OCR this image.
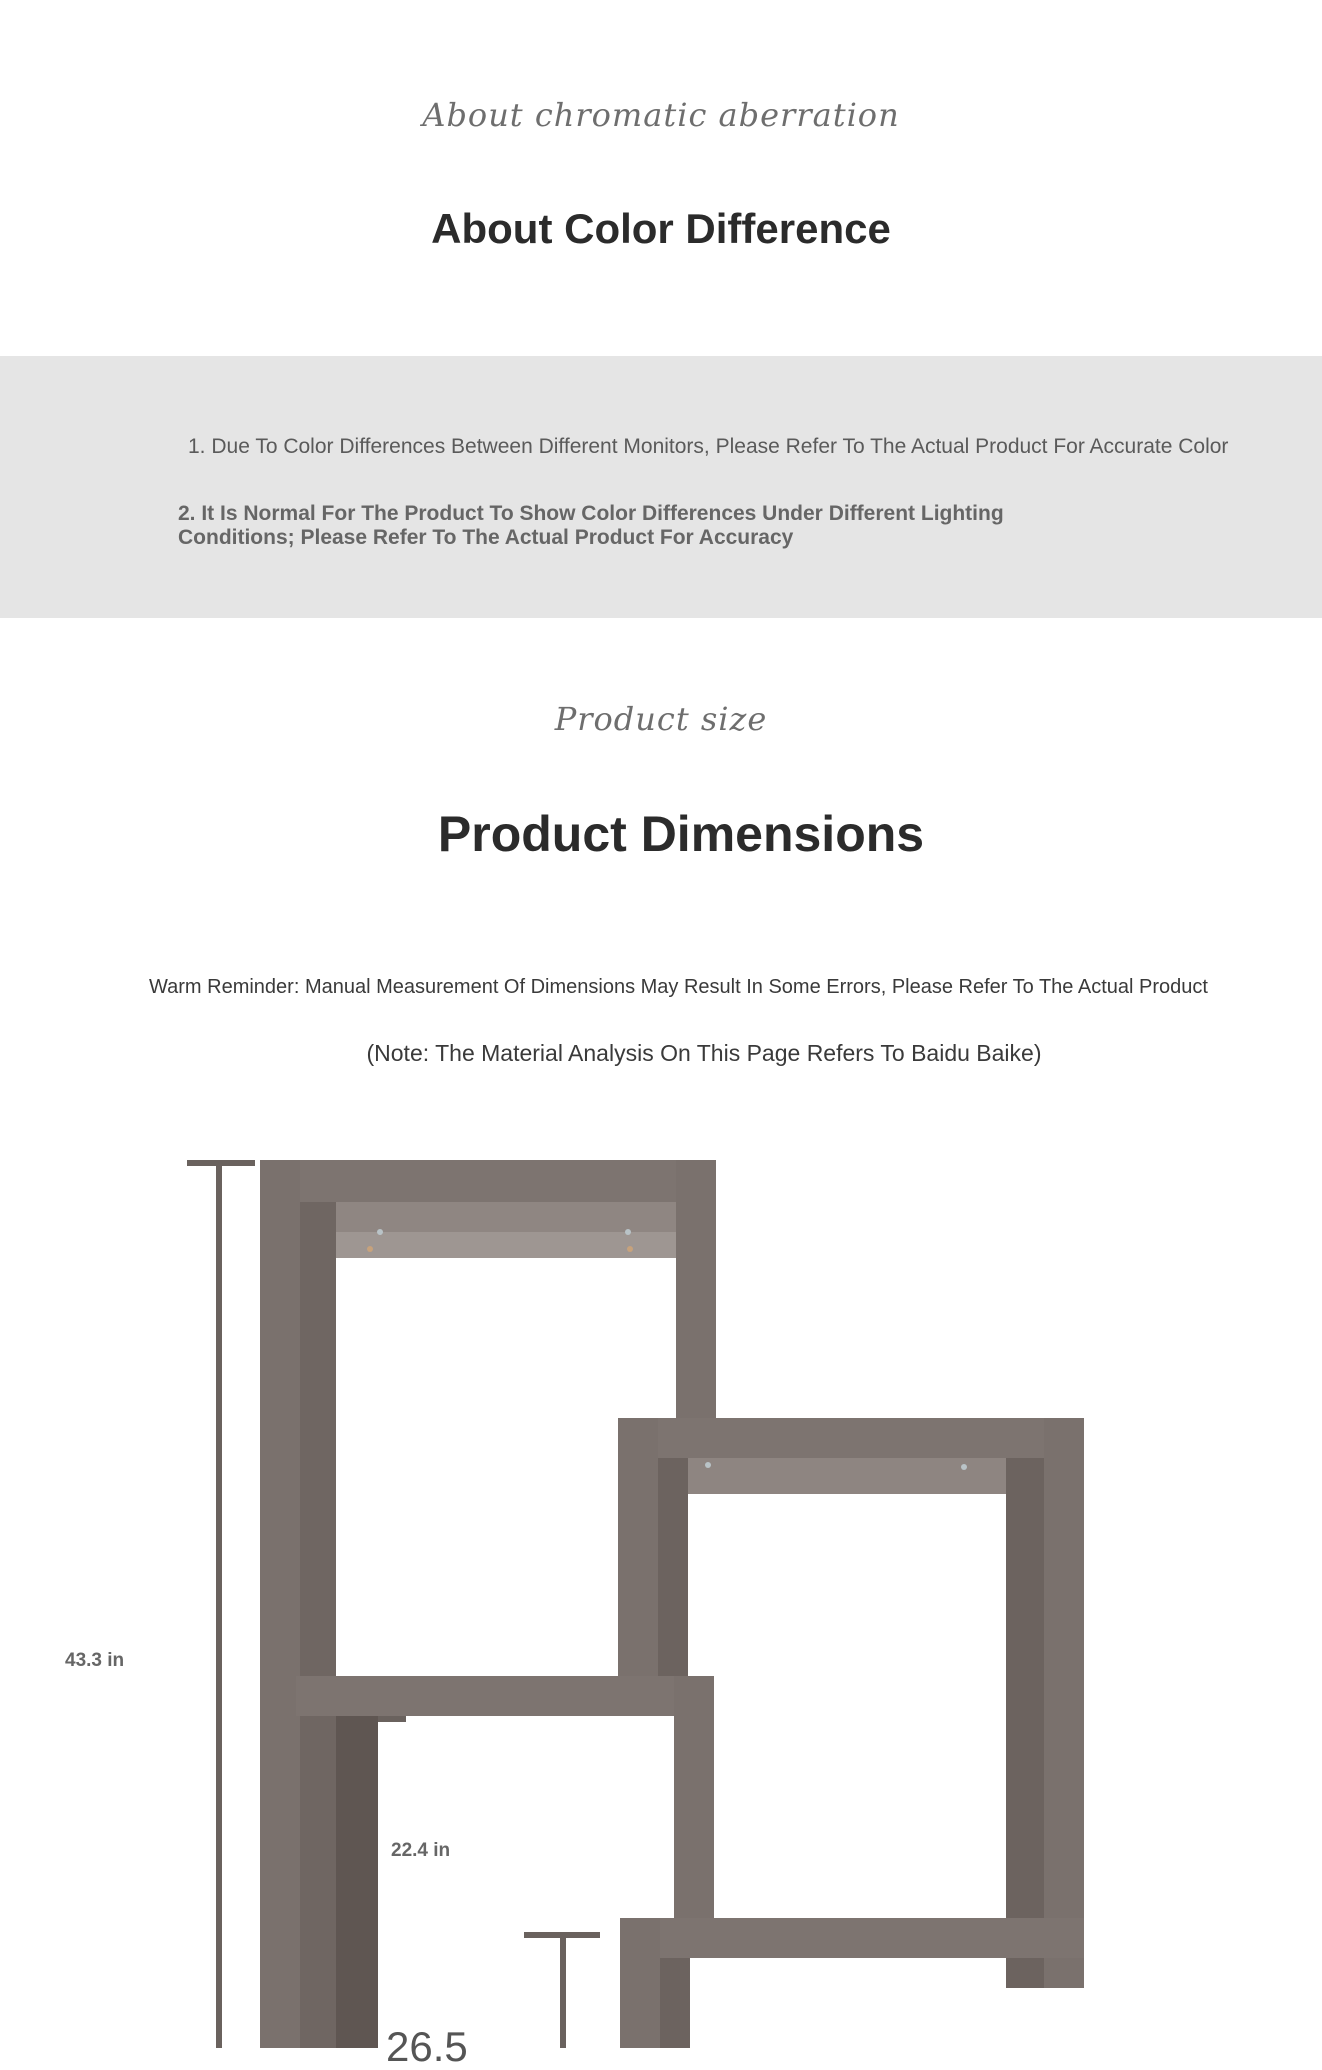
About chromatic aberration
About Color Difference
1. Due To Color Differences Between Different Monitors, Please Refer To The Actual Product For Accurate Color
2. It Is Normal For The Product To Show Color Differences Under Different Lighting Conditions; Please Refer To The Actual Product For Accuracy
Product size
Product Dimensions
Warm Reminder: Manual Measurement Of Dimensions May Result In Some Errors, Please Refer To The Actual Product
(Note: The Material Analysis On This Page Refers To Baidu Baike)
43.3 in
22.4 in
26.5
